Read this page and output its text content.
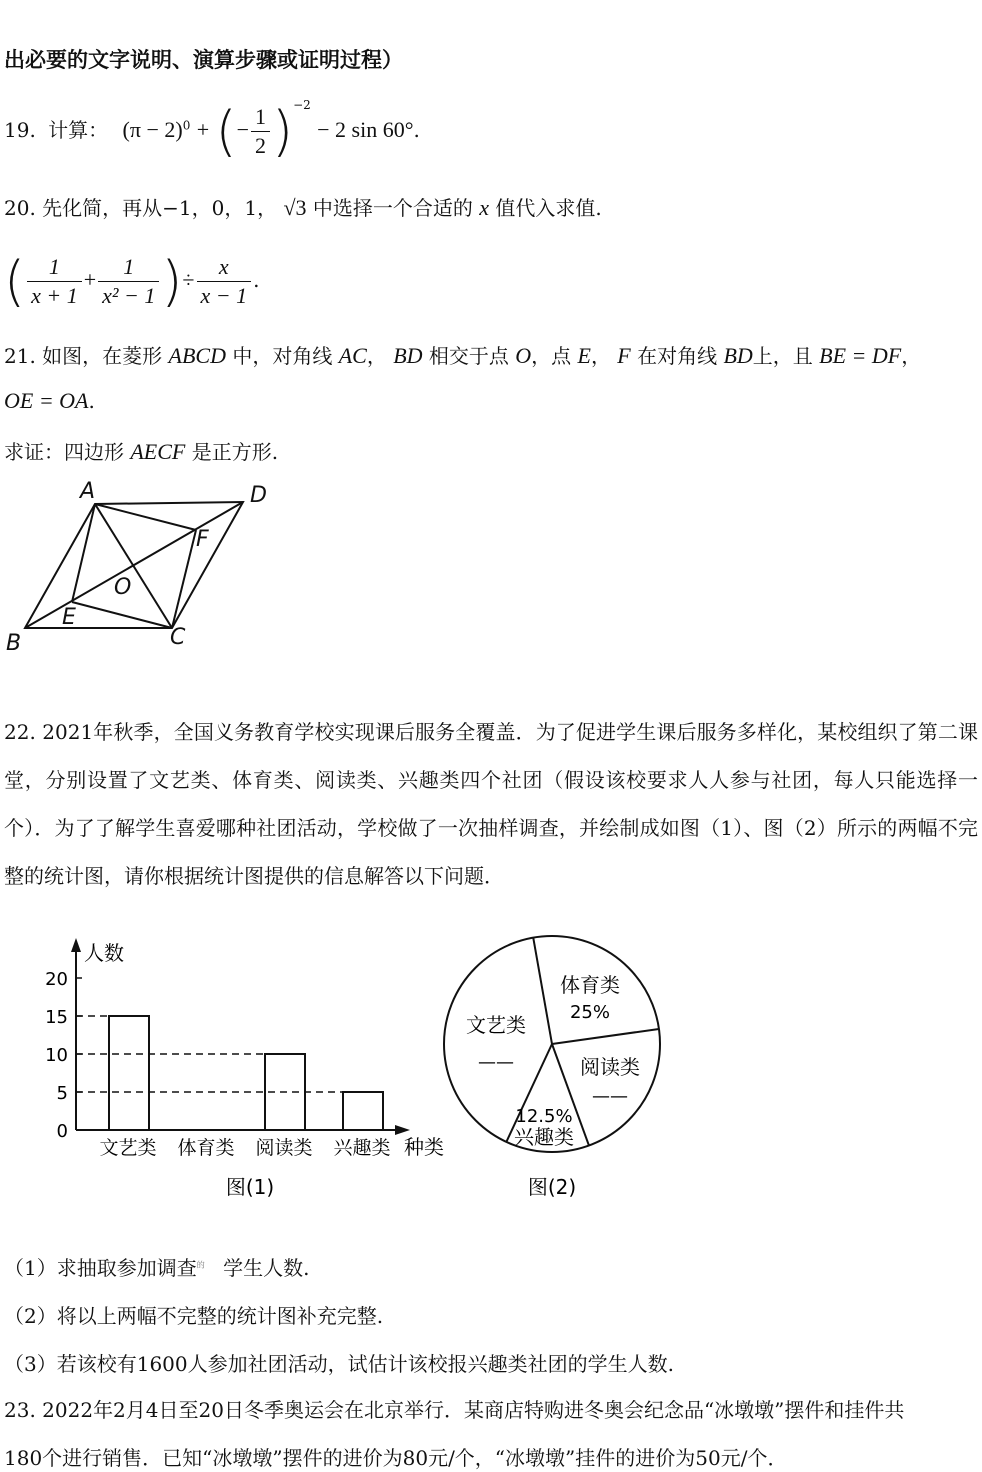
出必要的文字说明、演算步骤或证明过程）
19. 计算： $(\pi - 2)^0$ + (− $\frac{1}{2} )^{-2} - 2$ sin 60°.
20. 先化简，再从−1，0，1， √3 中选择一个合适的 x 值代入求值.
( $\frac{1}{x + 1} + \frac{1}{\text{x² − 1}}$ )÷ $\frac{x}{x - 1}$ .
21. 如图，在菱形 ABCD 中，对角线 AC， BD 相交于点 O，点 E， F 在对角线 BD上，且 BE = DF，
OE = OA.
求证：四边形 AECF 是正方形.
A	D
F
O
E
B	C
22. 2021年秋季，全国义务教育学校实现课后服务全覆盖．为了促进学生课后服务多样化，某校组织了第二课堂，分别设置了文艺类、体育类、阅读类、兴趣类四个社团（假设该校要求人人参与社团，每人只能选择一个）．为了了解学生喜爱哪种社团活动，学校做了一次抽样调查，并绘制成如图（1）、图（2）所示的两幅不完整的统计图，请你根据统计图提供的信息解答以下问题．
人数
种类
0
5
10
15
20
文艺类 体育类 阅读类 兴趣类
图(1)
体育类
25%
阅读类
——
12.5%
兴趣类
文艺类
——
图(2)
（1）求抽取参加调查$^的$ 学生人数.
（2）将以上两幅不完整的统计图补充完整.
（3）若该校有1600人参加社团活动，试估计该校报兴趣类社团的学生人数.
23. 2022年2月4日至20日冬季奥运会在北京举行．某商店特购进冬奥会纪念品“冰墩墩”摆件和挂件共
180个进行销售．已知“冰墩墩”摆件的进价为80元/个，“冰墩墩”挂件的进价为50元/个．
